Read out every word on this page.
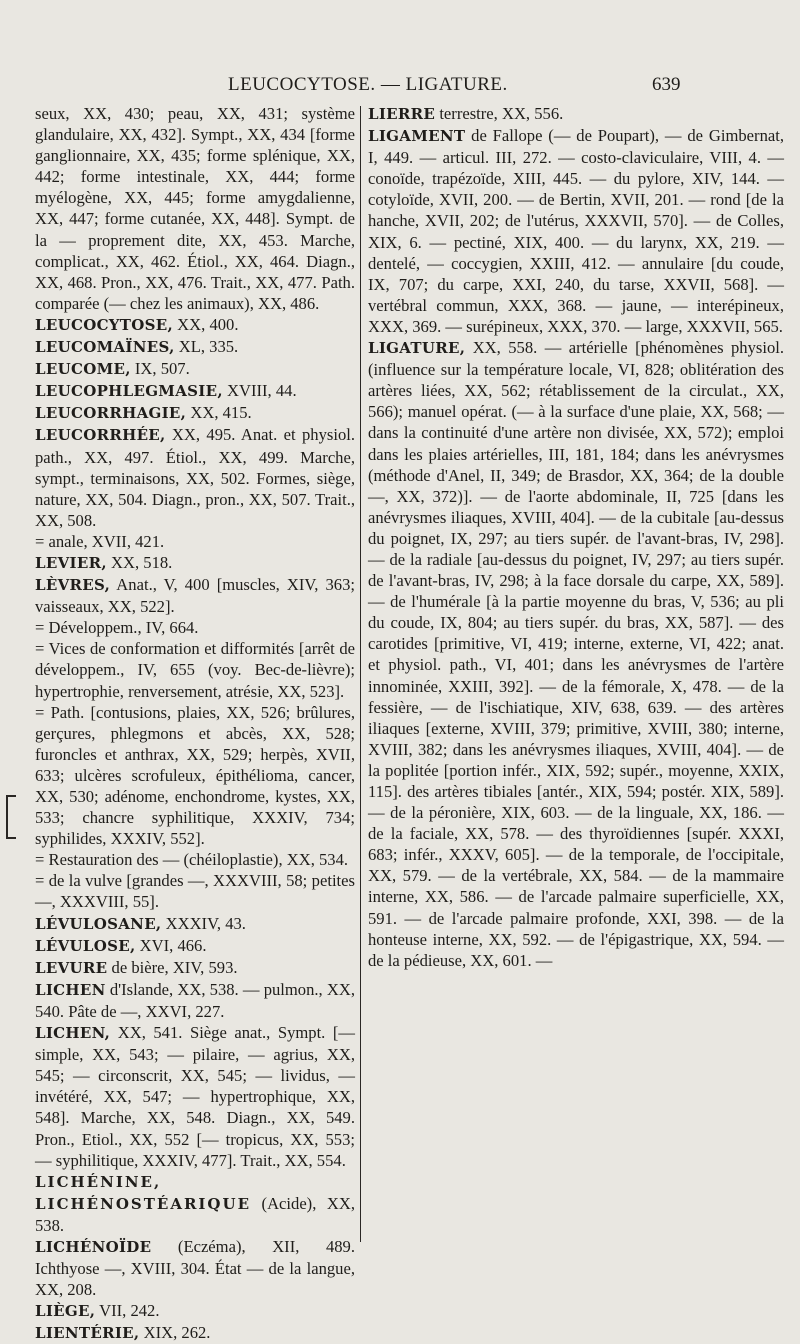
LEUCOCYTOSE. — LIGATURE.	639

seux, XX, 430; peau, XX, 431; système glandulaire, XX, 432]. Sympt., XX, 434 [forme ganglionnaire, XX, 435; forme splénique, XX, 442; forme intestinale, XX, 444; forme myélogène, XX, 445; forme amygdalienne, XX, 447; forme cutanée, XX, 448]. Sympt. de la — proprement dite, XX, 453. Marche, complicat., XX, 462. Étiol., XX, 464. Diagn., XX, 468. Pron., XX, 476. Trait., XX, 477. Path. comparée (— chez les animaux), XX, 486.

LEUCOCYTOSE, XX, 400.

LEUCOMAÏNES, XL, 335.

LEUCOME, IX, 507.

LEUCOPHLEGMASIE, XVIII, 44.

LEUCORRHAGIE, XX, 415.

LEUCORRHÉE, XX, 495. Anat. et physiol. path., XX, 497. Étiol., XX, 499. Marche, sympt., terminaisons, XX, 502. Formes, siège, nature, XX, 504. Diagn., pron., XX, 507. Trait., XX, 508.

= anale, XVII, 421.

LEVIER, XX, 518.

LÈVRES, Anat., V, 400 [muscles, XIV, 363; vaisseaux, XX, 522].

= Développem., IV, 664.

= Vices de conformation et difformités [arrêt de développem., IV, 655 (voy. Bec-de-lièvre); hypertrophie, renversement, atrésie, XX, 523].

= Path. [contusions, plaies, XX, 526; brûlures, gerçures, phlegmons et abcès, XX, 528; furoncles et anthrax, XX, 529; herpès, XVII, 633; ulcères scrofuleux, épithélioma, cancer, XX, 530; adénome, enchondrome, kystes, XX, 533; chancre syphilitique, XXXIV, 734; syphilides, XXXIV, 552].

= Restauration des — (chéiloplastie), XX, 534.

= de la vulve [grandes —, XXXVIII, 58; petites —, XXXVIII, 55].

LÉVULOSANE, XXXIV, 43.

LÉVULOSE, XVI, 466.

LEVURE de bière, XIV, 593.

LICHEN d'Islande, XX, 538. — pulmon., XX, 540. Pâte de —, XXVI, 227.

LICHEN, XX, 541. Siège anat., Sympt. [— simple, XX, 543; — pilaire, — agrius, XX, 545; — circonscrit, XX, 545; — lividus, — invétéré, XX, 547; — hypertrophique, XX, 548]. Marche, XX, 548. Diagn., XX, 549. Pron., Etiol., XX, 552 [— tropicus, XX, 553; — syphilitique, XXXIV, 477]. Trait., XX, 554.

LICHÉNINE, LICHÉNOSTÉARIQUE (Acide), XX, 538.

LICHÉNOÏDE (Eczéma), XII, 489. Ichthyose —, XVIII, 304. État — de la langue, XX, 208.

LIÈGE, VII, 242.

LIENTÉRIE, XIX, 262.

LIERRE terrestre, XX, 556.

LIGAMENT de Fallope (— de Poupart), — de Gimbernat, I, 449. — articul. III, 272. — costo-claviculaire, VIII, 4. — conoïde, trapézoïde, XIII, 445. — du pylore, XIV, 144. — cotyloïde, XVII, 200. — de Bertin, XVII, 201. — rond [de la hanche, XVII, 202; de l'utérus, XXXVII, 570]. — de Colles, XIX, 6. — pectiné, XIX, 400. — du larynx, XX, 219. — dentelé, — coccygien, XXIII, 412. — annulaire [du coude, IX, 707; du carpe, XXI, 240, du tarse, XXVII, 568]. — vertébral commun, XXX, 368. — jaune, — interépineux, XXX, 369. — surépineux, XXX, 370. — large, XXXVII, 565.

LIGATURE, XX, 558. — artérielle [phénomènes physiol. (influence sur la température locale, VI, 828; oblitération des artères liées, XX, 562; rétablissement de la circulat., XX, 566); manuel opérat. (— à la surface d'une plaie, XX, 568; — dans la continuité d'une artère non divisée, XX, 572); emploi dans les plaies artérielles, III, 181, 184; dans les anévrysmes (méthode d'Anel, II, 349; de Brasdor, XX, 364; de la double —, XX, 372)]. — de l'aorte abdominale, II, 725 [dans les anévrysmes iliaques, XVIII, 404]. — de la cubitale [au-dessus du poignet, IX, 297; au tiers supér. de l'avant-bras, IV, 298]. — de la radiale [au-dessus du poignet, IV, 297; au tiers supér. de l'avant-bras, IV, 298; à la face dorsale du carpe, XX, 589]. — de l'humérale [à la partie moyenne du bras, V, 536; au pli du coude, IX, 804; au tiers supér. du bras, XX, 587]. — des carotides [primitive, VI, 419; interne, externe, VI, 422; anat. et physiol. path., VI, 401; dans les anévrysmes de l'artère innominée, XXIII, 392]. — de la fémorale, X, 478. — de la fessière, — de l'ischiatique, XIV, 638, 639. — des artères iliaques [externe, XVIII, 379; primitive, XVIII, 380; interne, XVIII, 382; dans les anévrysmes iliaques, XVIII, 404]. — de la poplitée [portion infér., XIX, 592; supér., moyenne, XXIX, 115]. des artères tibiales [antér., XIX, 594; postér. XIX, 589]. — de la péronière, XIX, 603. — de la linguale, XX, 186. — de la faciale, XX, 578. — des thyroïdiennes [supér. XXXI, 683; infér., XXXV, 605]. — de la temporale, de l'occipitale, XX, 579. — de la vertébrale, XX, 584. — de la mammaire interne, XX, 586. — de l'arcade palmaire superficielle, XX, 591. — de l'arcade palmaire profonde, XXI, 398. — de la honteuse interne, XX, 592. — de l'épigastrique, XX, 594. — de la pédieuse, XX, 601. —
